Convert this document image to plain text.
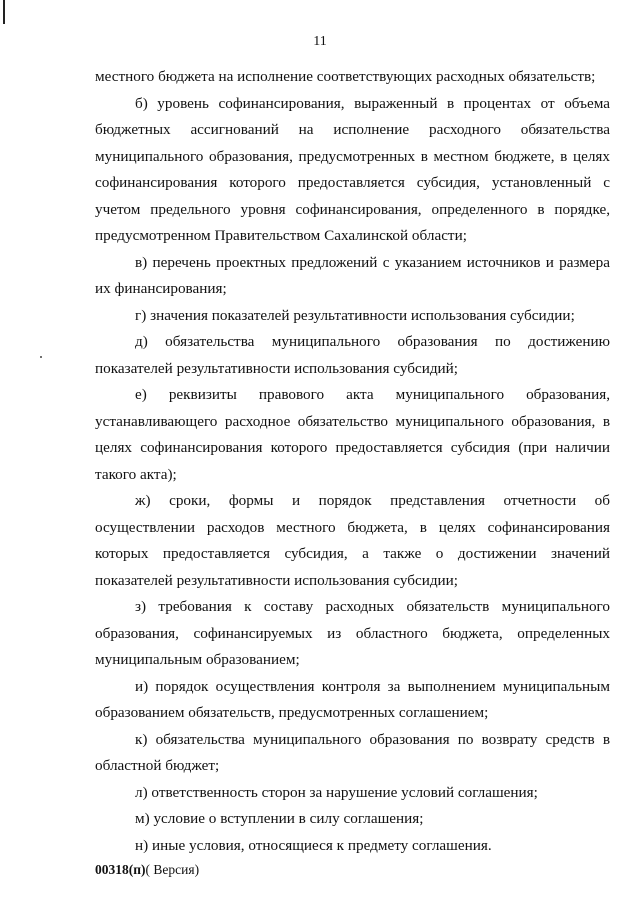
11

местного бюджета на исполнение соответствующих расходных обязательств;

б) уровень софинансирования, выраженный в процентах от объема бюджетных ассигнований на исполнение расходного обязательства муниципального образования, предусмотренных в местном бюджете, в целях софинансирования которого предоставляется субсидия, установленный с учетом предельного уровня софинансирования, определенного в порядке, предусмотренном Правительством Сахалинской области;

в) перечень проектных предложений с указанием источников и размера их финансирования;

г) значения показателей результативности использования субсидии;

д) обязательства муниципального образования по достижению показателей результативности использования субсидий;

е) реквизиты правового акта муниципального образования, устанавливающего расходное обязательство муниципального образования, в целях софинансирования которого предоставляется субсидия (при наличии такого акта);

ж) сроки, формы и порядок представления отчетности об осуществлении расходов местного бюджета, в целях софинансирования которых предоставляется субсидия, а также о достижении значений показателей результативности использования субсидии;

з) требования к составу расходных обязательств муниципального образования, софинансируемых из областного бюджета, определенных муниципальным образованием;

и) порядок осуществления контроля за выполнением муниципальным образованием обязательств, предусмотренных соглашением;

к) обязательства муниципального образования по возврату средств в областной бюджет;

л) ответственность сторон за нарушение условий соглашения;

м) условие о вступлении в силу соглашения;

н) иные условия, относящиеся к предмету соглашения.

00318(п)( Версия)
